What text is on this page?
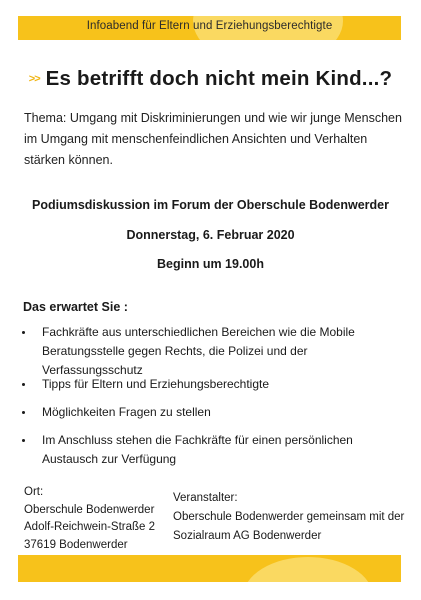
Infoabend für Eltern und Erziehungsberechtigte
>> Es betrifft doch nicht mein Kind...?
Thema: Umgang mit Diskriminierungen und wie wir junge Menschen im Umgang mit menschenfeindlichen Ansichten und Verhalten stärken können.
Podiumsdiskussion im Forum der Oberschule Bodenwerder
Donnerstag, 6. Februar 2020
Beginn um 19.00h
Das erwartet Sie :
Fachkräfte aus unterschiedlichen Bereichen wie die Mobile Beratungsstelle gegen Rechts, die Polizei und der Verfassungsschutz
Tipps für Eltern und Erziehungsberechtigte
Möglichkeiten Fragen zu stellen
Im Anschluss stehen die Fachkräfte für einen persönlichen Austausch zur Verfügung
Ort:
Oberschule Bodenwerder
Adolf-Reichwein-Straße 2
37619 Bodenwerder
Veranstalter:
Oberschule Bodenwerder gemeinsam mit der Sozialraum AG Bodenwerder
